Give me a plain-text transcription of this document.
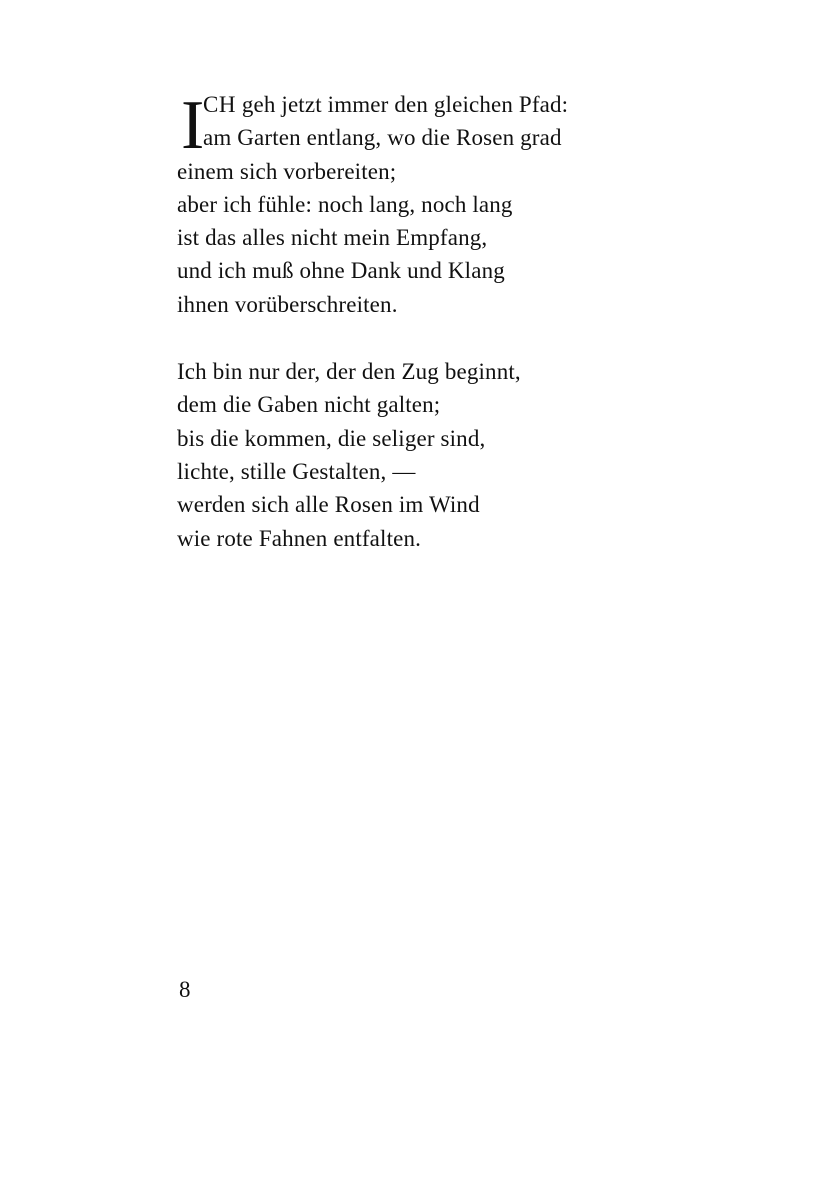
I
CH geh jetzt immer den gleichen Pfad:
am Garten entlang, wo die Rosen grad
einem sich vorbereiten;
aber ich fühle: noch lang, noch lang
ist das alles nicht mein Empfang,
und ich muß ohne Dank und Klang
ihnen vorüberschreiten.
Ich bin nur der, der den Zug beginnt,
dem die Gaben nicht galten;
bis die kommen, die seliger sind,
lichte, stille Gestalten, —
werden sich alle Rosen im Wind
wie rote Fahnen entfalten.
8
